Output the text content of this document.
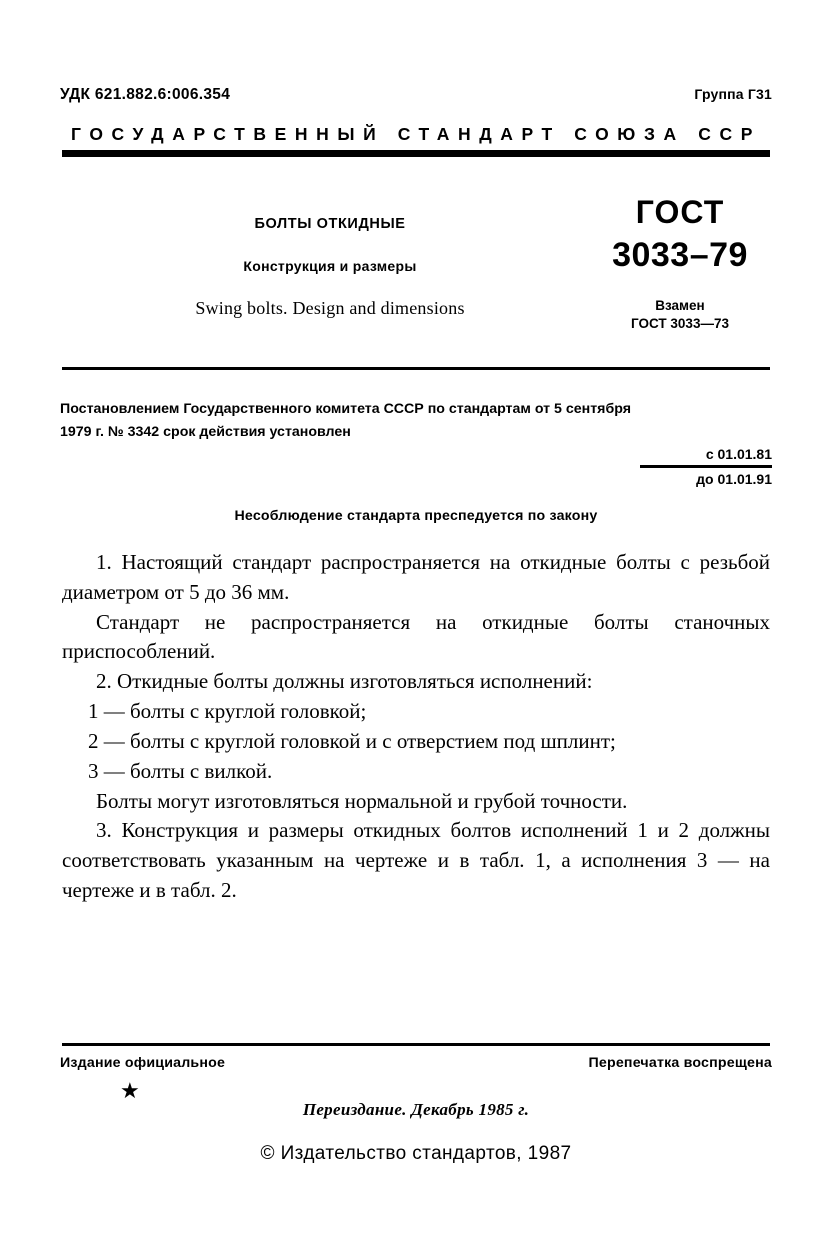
УДК 621.882.6:006.354	Группа Г31
ГОСУДАРСТВЕННЫЙ СТАНДАРТ СОЮЗА ССР
БОЛТЫ ОТКИДНЫЕ
Конструкция и размеры
Swing bolts. Design and dimensions
ГОСТ
3033–79
Взамен
ГОСТ 3033—73
Постановлением Государственного комитета СССР по стандартам от 5 сентября
1979 г. № 3342 срок действия установлен
с 01.01.81
до 01.01.91
Несоблюдение стандарта преспедуется по закону

1. Настоящий стандарт распространяется на откидные болты с резьбой диаметром от 5 до 36 мм.

Стандарт не распространяется на откидные болты станочных приспособлений.

2. Откидные болты должны изготовляться исполнений:

1 — болты с круглой головкой;

2 — болты с круглой головкой и с отверстием под шплинт;

3 — болты с вилкой.

Болты могут изготовляться нормальной и грубой точности.

3. Конструкция и размеры откидных болтов исполнений 1 и 2 должны соответствовать указанным на чертеже и в табл. 1, а исполнения 3 — на чертеже и в табл. 2.

Издание официальное	Перепечатка воспрещена
★
Переиздание. Декабрь 1985 г.
© Издательство стандартов, 1987
